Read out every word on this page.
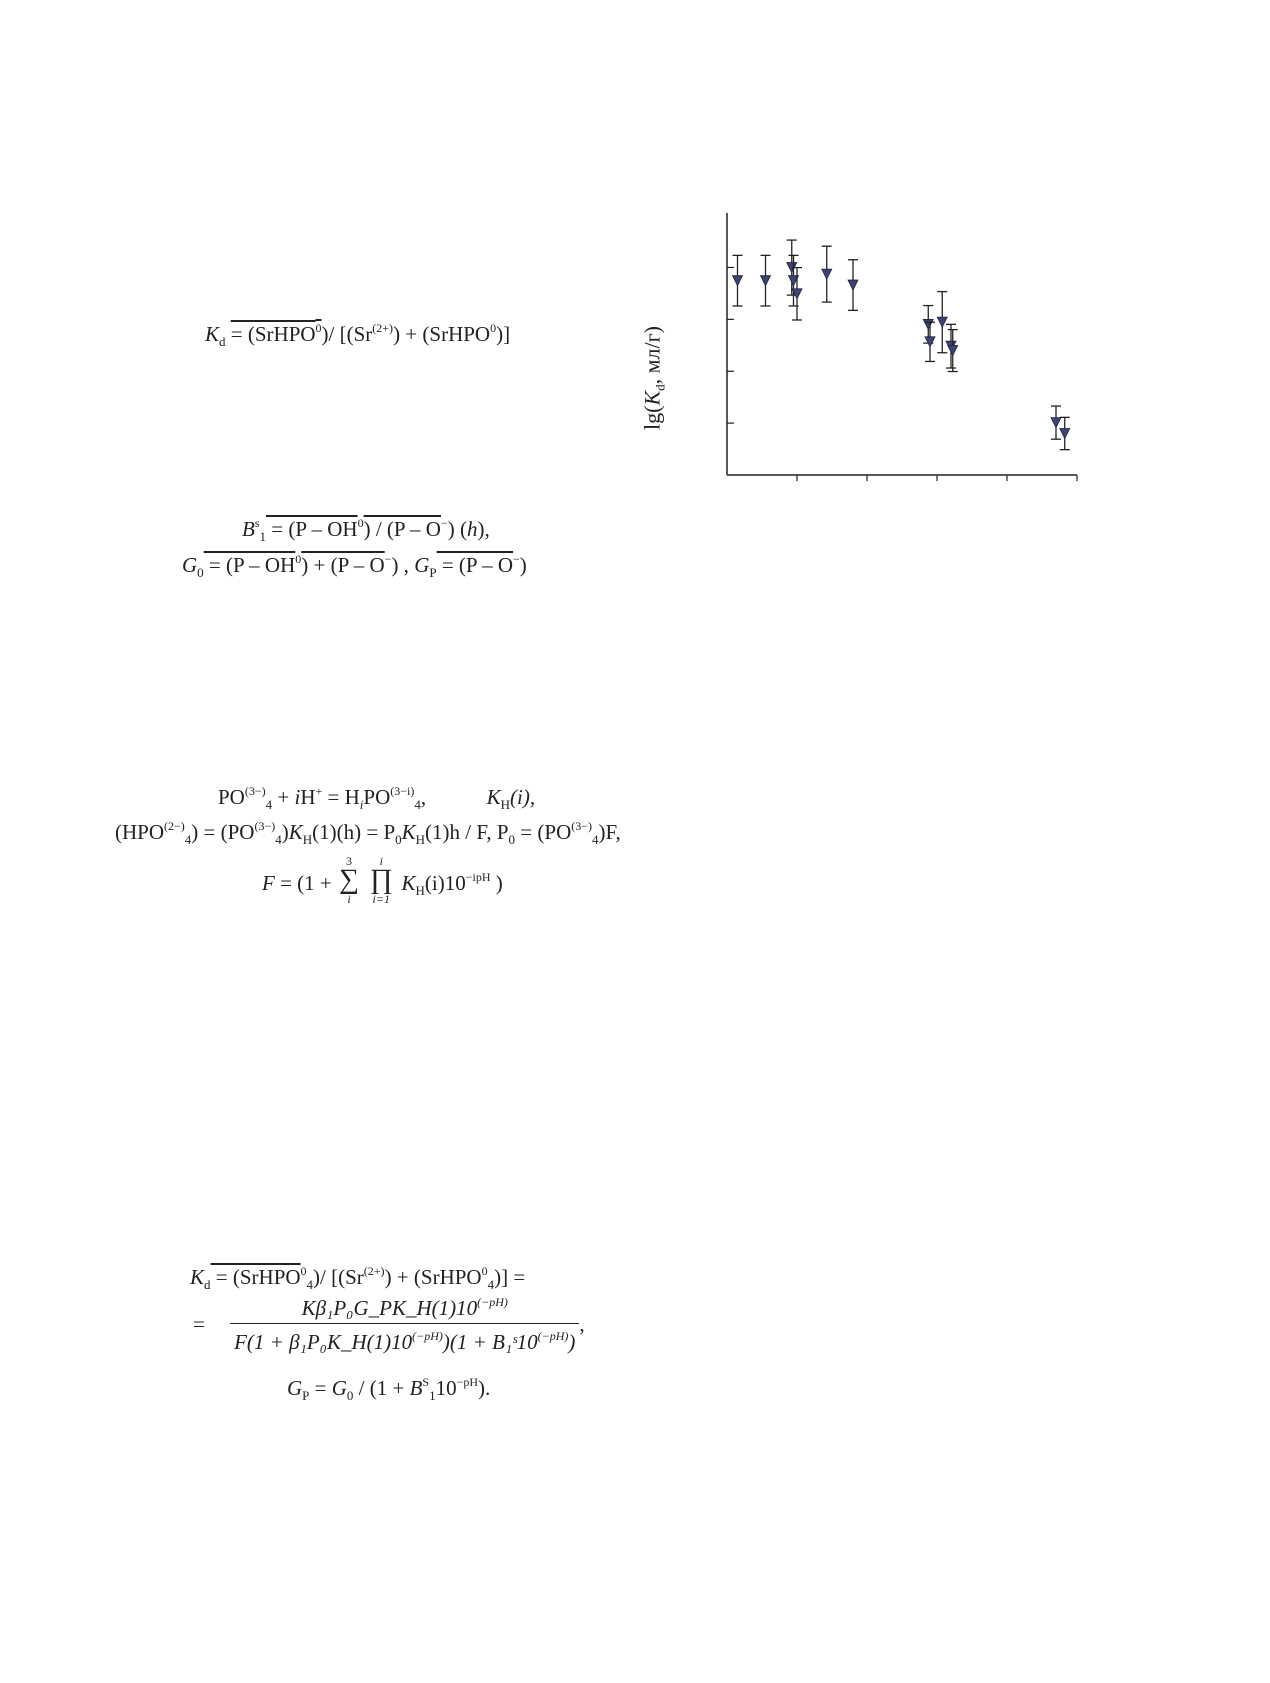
$K_d$ = (SrHPO$^0$)/ [$(Sr^{(2+)})$ + (SrHPO$^0$)]
$B^s_1 = (P - OH^0) / (P - O^-)$ (h),
$G_0 = (P - OH^0) + (P - O^-)$ , $G_P = (P - O^-)$
$PO^{(3-)}_4 + iH^+ = H_iPO^{(3-i)}_4$,	$K_H(i)$,
$(HPO^{(2-)}_4) = (PO^{(3-)}_4)K_H(1)(h) = P_0K_H(1)h / F$, $P_0 = (PO^{(3-)}_4)F$,
F = (1 +
3
∑
i

i
∏
i=1
$K_H(i)10^{-ipH}$ )
$K_d$ = (SrHPO$^0_4$)/ [$(Sr^{(2+)})$ + (SrHPO$^0_4$)] =
= $\frac{K\beta_1P_0G\_PK\_H(1)10^{(-pH)}}{F(1 + \beta_1P_0K\_H(1)10^{(-pH)})(1 + B_1ˢ10^{(-pH)})}$ ,
$G_P = G_0 / (1 + B^S_110^{-pH})$.
$\lg(K_d$, мл/г)
